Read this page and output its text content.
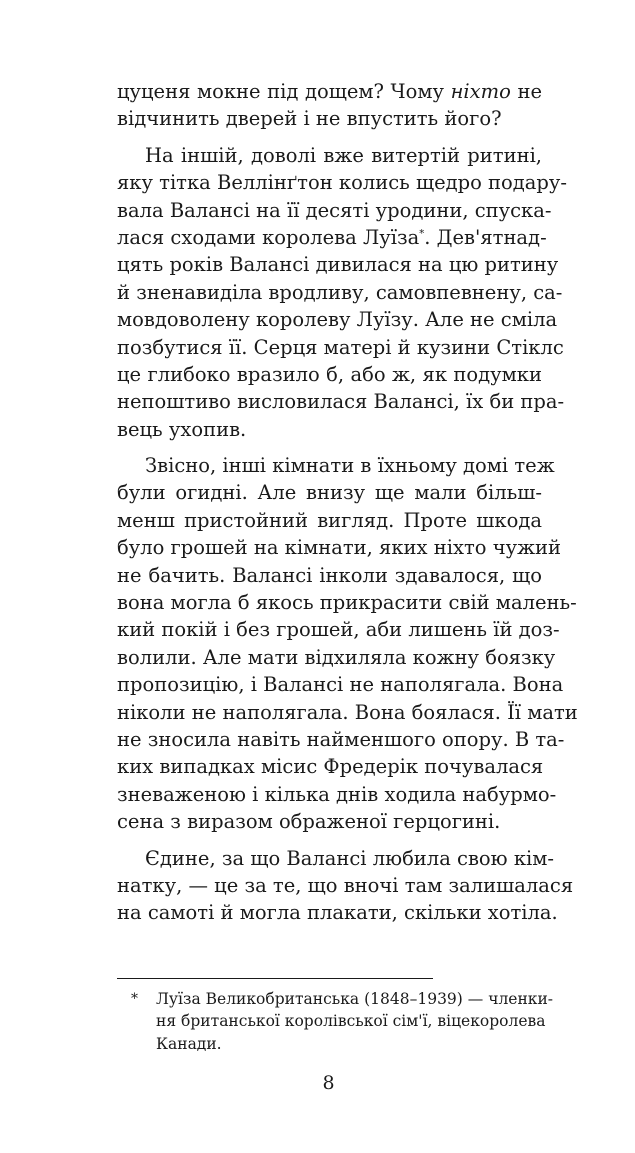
цуценя мокне під дощем? Чому ніхто не
відчинить дверей і не впустить його?
На іншій, доволі вже витертій ритині,
яку тітка Веллінґтон колись щедро подару-
вала Валансі на її десяті уродини, спуска-
лася сходами королева Луїза*. Дев'ятнад-
цять років Валансі дивилася на цю ритину
й зненавиділа вродливу, самовпевнену, са-
мовдоволену королеву Луїзу. Але не сміла
позбутися її. Серця матері й кузини Стіклс
це глибоко вразило б, або ж, як подумки
непоштиво висловилася Валансі, їх би пра-
вець ухопив.
Звісно, інші кімнати в їхньому домі теж
були огидні. Але внизу ще мали більш-
менш пристойний вигляд. Проте шкода
було грошей на кімнати, яких ніхто чужий
не бачить. Валансі інколи здавалося, що
вона могла б якось прикрасити свій малень-
кий покій і без грошей, аби лишень їй доз-
волили. Але мати відхиляла кожну боязку
пропозицію, і Валансі не наполягала. Вона
ніколи не наполягала. Вона боялася. Її мати
не зносила навіть найменшого опору. В та-
ких випадках місис Фредерік почувалася
зневаженою і кілька днів ходила набурмо-
сена з виразом ображеної герцогині.
Єдине, за що Валансі любила свою кім-
натку, — це за те, що вночі там залишалася
на самоті й могла плакати, скільки хотіла.
*	Луїза Великобританська (1848–1939) — членки-
ня британської королівської сім'ї, віцекоролева
Канади.
8
